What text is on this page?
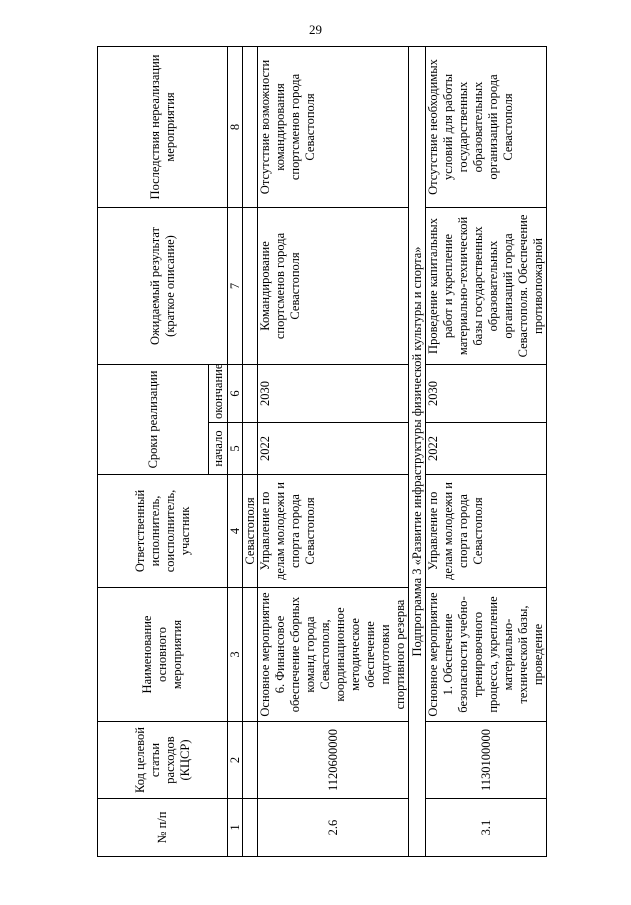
29
№ п/п	Код целевой статьи расходов (КЦСР)	Наименование основного мероприятия	Ответственный исполнитель, соисполнитель, участник	Сроки реализации		Ожидаемый результат (краткое описание)	Последствия нереализации мероприятия
				начало	окончание		
1	2	3	4	5	6	7	8
			Севастополя				
2.6	1120600000	Основное мероприятие 6. Финансовое обеспечение сборных команд города Севастополя, координационное методическое обеспечение подготовки спортивного резерва	Управление по делам молодежи и спорта города Севастополя	2022	2030	Командирование спортсменов города Севастополя	Отсутствие возможности командирования спортсменов города Севастополя
Подпрограмма 3 «Развитие инфраструктуры физической культуры и спорта»							
3.1	1130100000	Основное мероприятие 1. Обеспечение безопасности учебно-тренировочного процесса, укрепление материально-технической базы, проведение	Управление по делам молодежи и спорта города Севастополя	2022	2030	Проведение капитальных работ и укрепление материально-технической базы государственных образовательных организаций города Севастополя. Обеспечение противопожарной	Отсутствие необходимых условий для работы государственных образовательных организаций города Севастополя
